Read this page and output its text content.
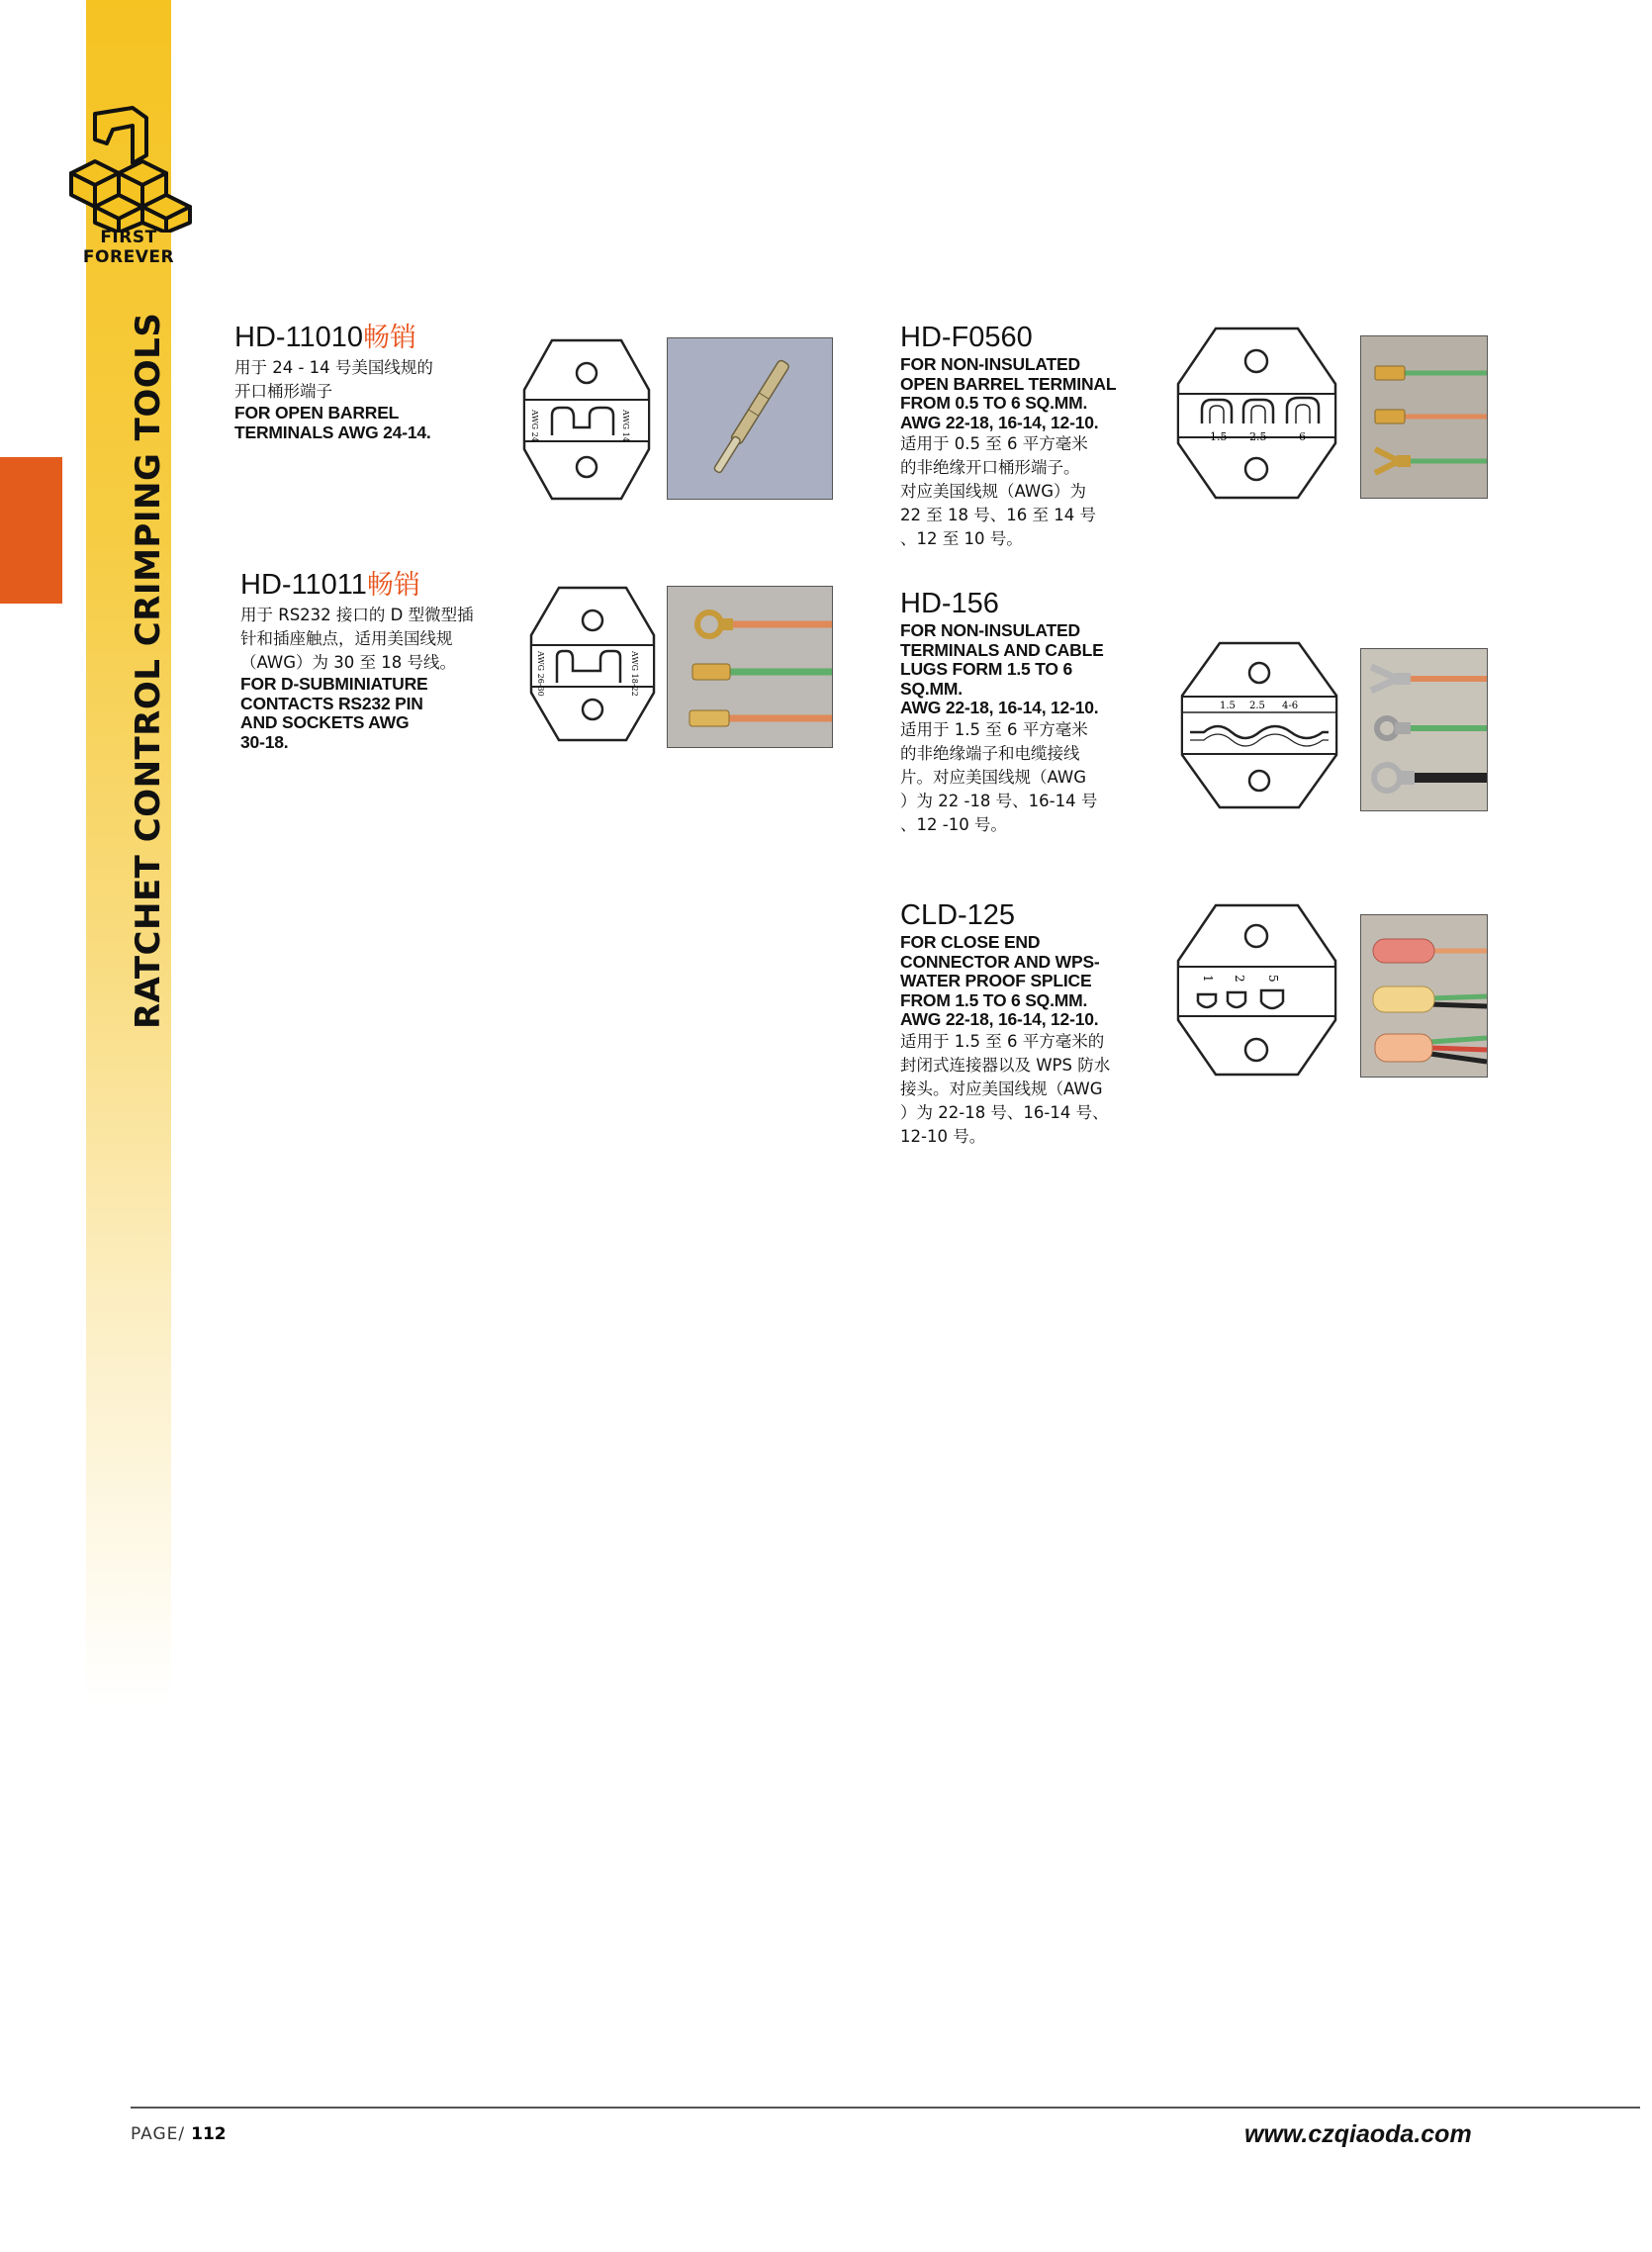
FIRST FOREVER
RATCHET CONTROL CRIMPING TOOLS HD-11010畅销
用于 24 - 14 号美国线规的
开口桶形端子
FOR OPEN BARREL
TERMINALS AWG 24-14.	AWG 24	AWG 14
HD-11011畅销
用于 RS232 接口的 D 型微型插
针和插座触点，适用美国线规
（AWG）为 30 至 18 号线。
FOR D-SUBMINIATURE
CONTACTS RS232 PIN
AND SOCKETS AWG
30-18.
AWG 26-30	AWG 18-22
HD-F0560
FOR NON-INSULATED
OPEN BARREL TERMINAL
FROM 0.5 TO 6 SQ.MM.
AWG 22-18, 16-14, 12-10.
适用于 0.5 至 6 平方毫米
的非绝缘开口桶形端子。
对应美国线规（AWG）为
22 至 18 号、16 至 14 号
、12 至 10 号。
1.5 2.5	6
HD-156
FOR NON-INSULATED
TERMINALS AND CABLE
LUGS FORM 1.5 TO 6
SQ.MM.
AWG 22-18, 16-14, 12-10.
适用于 1.5 至 6 平方毫米
的非绝缘端子和电缆接线
片。对应美国线规（AWG
）为 22 -18 号、16-14 号
、12 -10 号。
1.5 2.5 4-6
CLD-125
FOR CLOSE END
CONNECTOR AND WPS-
WATER PROOF SPLICE
FROM 1.5 TO 6 SQ.MM.
AWG 22-18, 16-14, 12-10.
适用于 1.5 至 6 平方毫米的
封闭式连接器以及 WPS 防水
接头。对应美国线规（AWG
）为 22-18 号、16-14 号、
12-10 号。
1 2 5
PAGE/ 112	www.czqiaoda.com
